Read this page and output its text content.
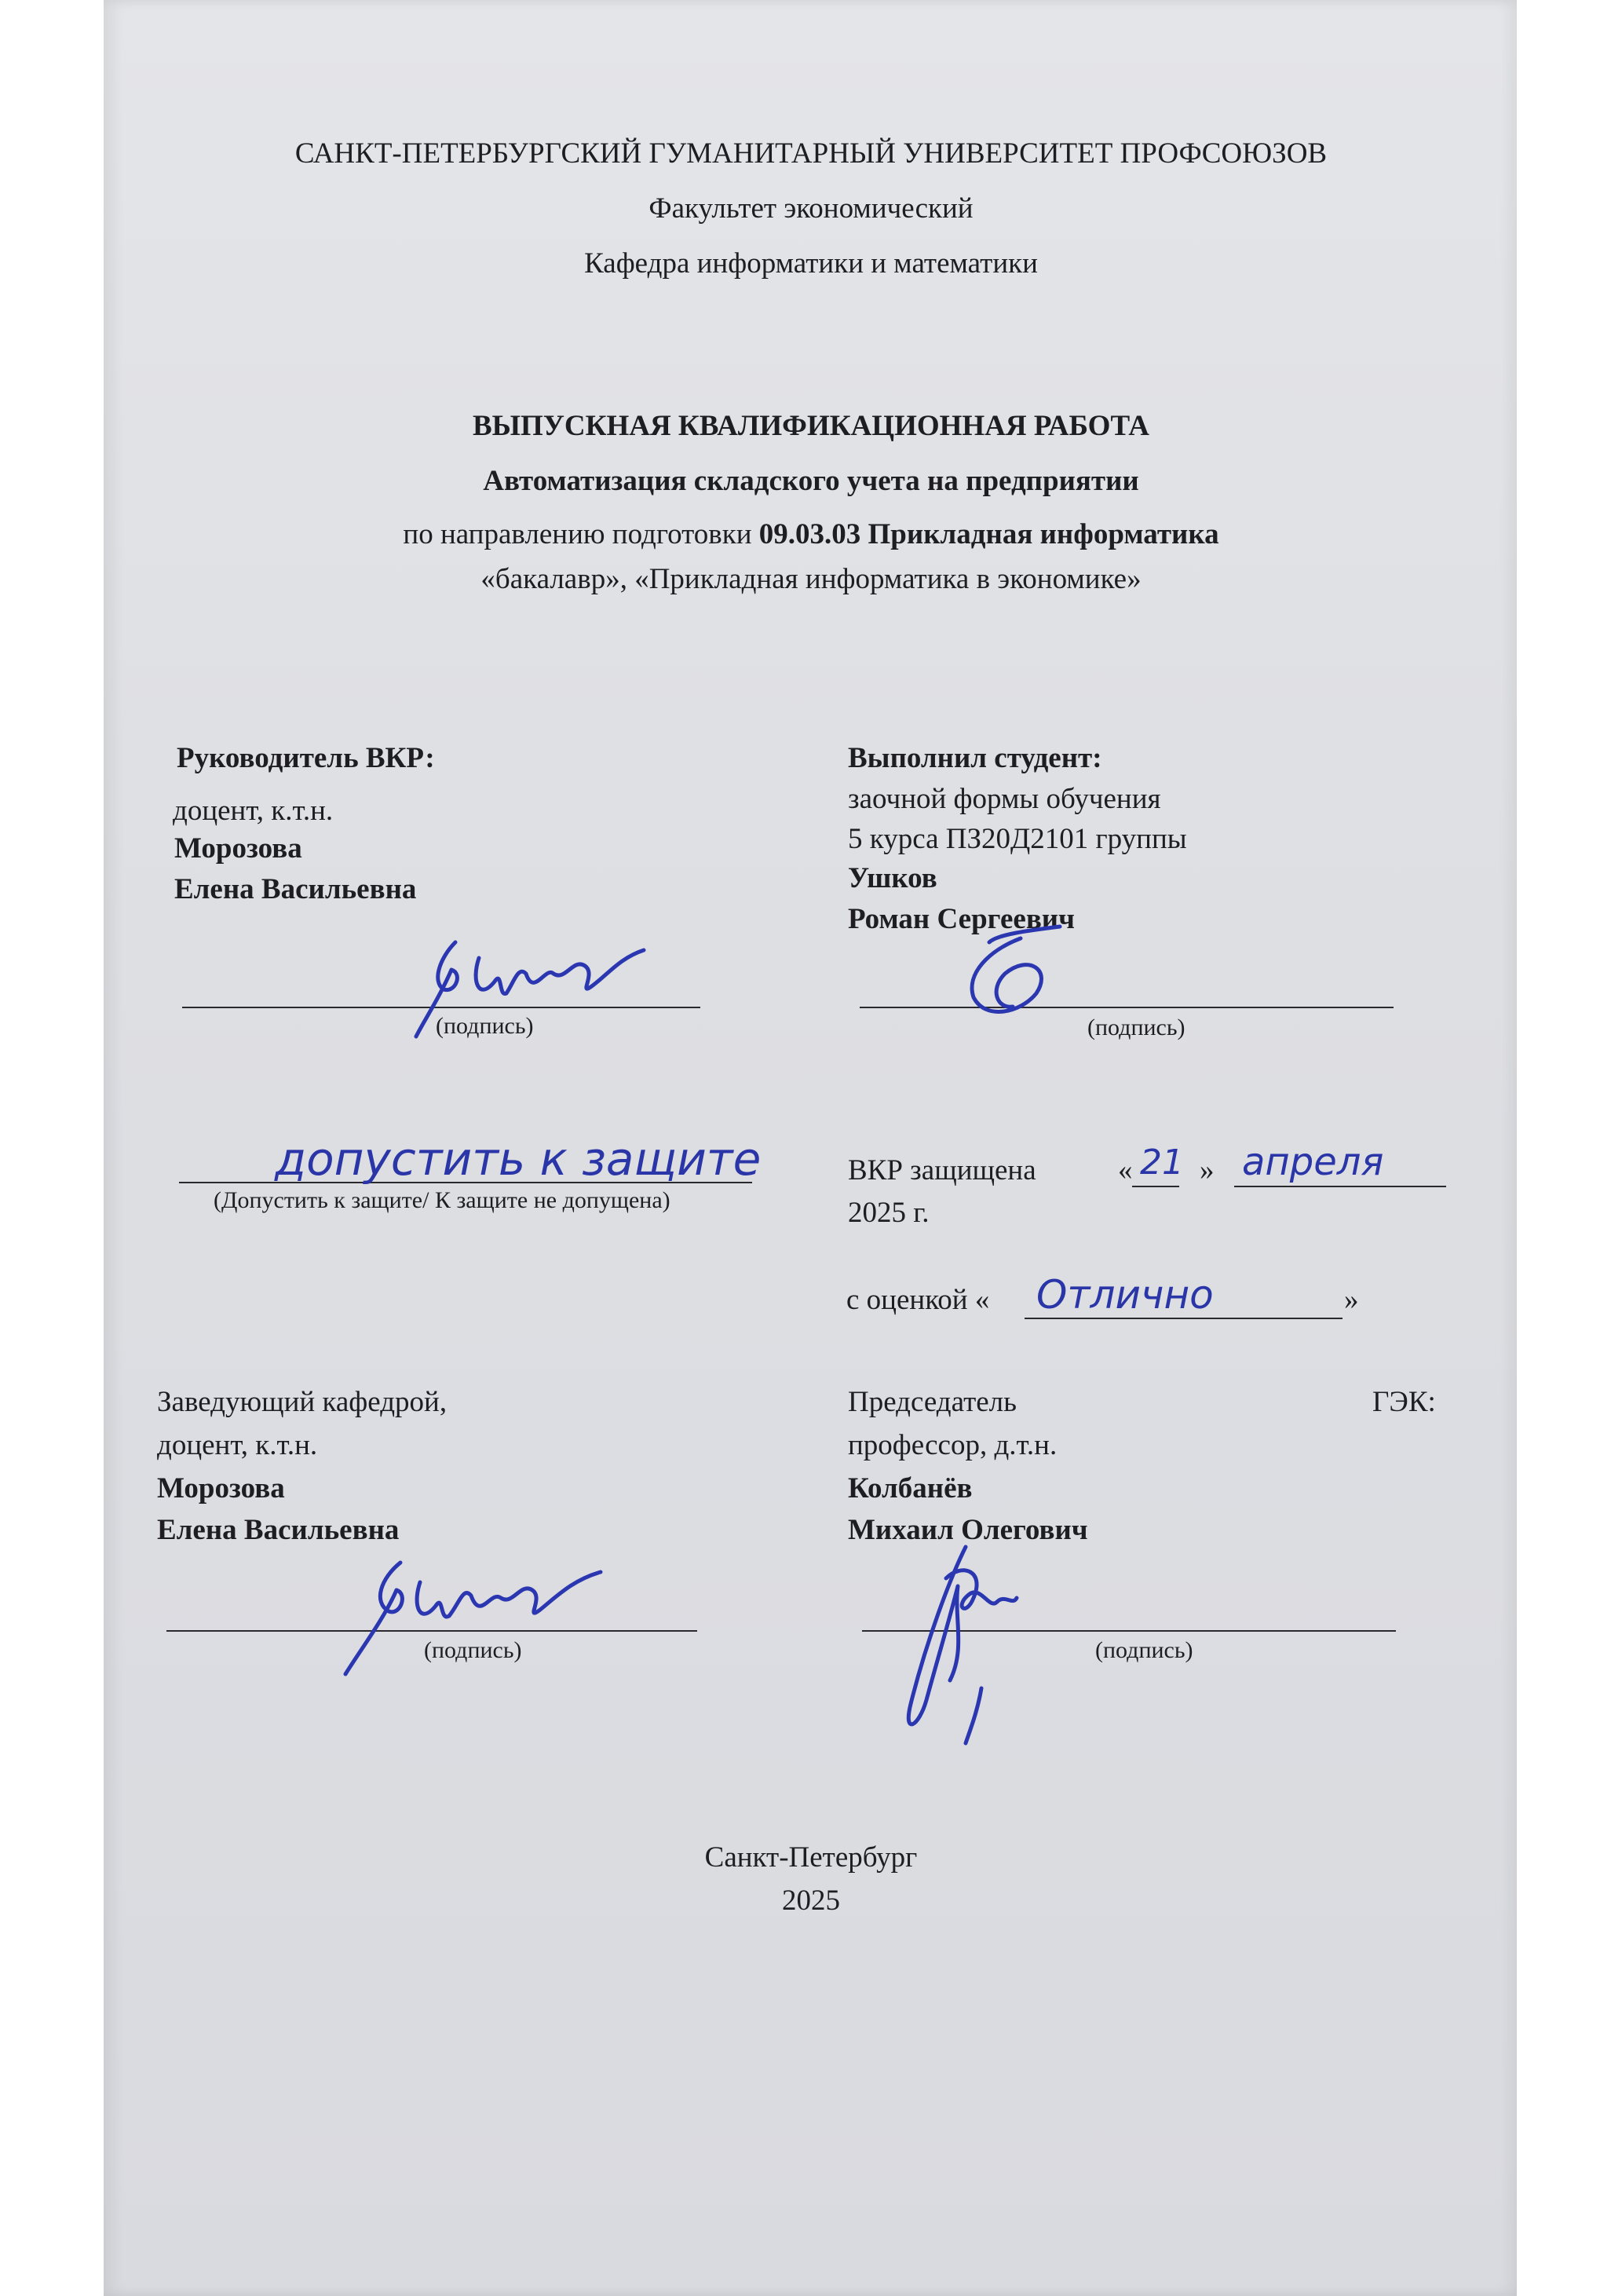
САНКТ-ПЕТЕРБУРГСКИЙ ГУМАНИТАРНЫЙ УНИВЕРСИТЕТ ПРОФСОЮЗОВ
Факультет экономический
Кафедра информатики и математики
ВЫПУСКНАЯ КВАЛИФИКАЦИОННАЯ РАБОТА
Автоматизация складского учета на предприятии
по направлению подготовки 09.03.03 Прикладная информатика
«бакалавр», «Прикладная информатика в экономике»
Руководитель ВКР:
доцент, к.т.н.
Морозова
Елена Васильевна
(подпись)
Выполнил студент:
заочной формы обучения
5 курса ПЗ20Д2101 группы
Ушков
Роман Сергеевич
(подпись)
допустить к защите
(Допустить к защите/ К защите не допущена)
ВКР защищена	« 21 » апреля
2025 г.
с оценкой « Отлично	»
Заведующий кафедрой,
доцент, к.т.н.
Морозова
Елена Васильевна
(подпись)
Председатель	ГЭК:
профессор, д.т.н.
Колбанёв
Михаил Олегович
(подпись)
Санкт-Петербург
2025
